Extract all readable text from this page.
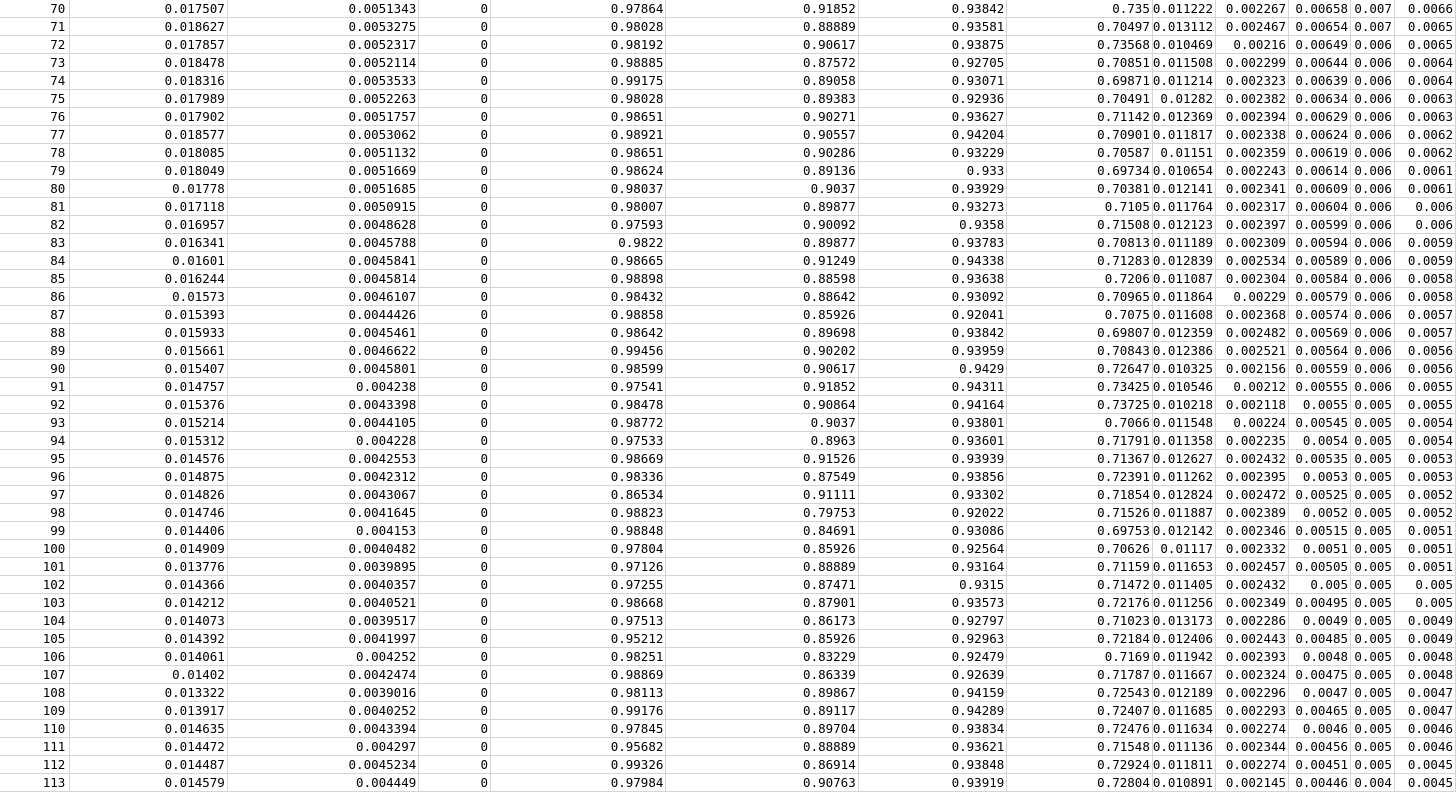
70	0.017507	0.0051343	0	0.97864	0.91852	0.93842	0.735	0.011222	0.002267	0.00658	0.007	0.0066
71	0.018627	0.0053275	0	0.98028	0.88889	0.93581	0.70497	0.013112	0.002467	0.00654	0.007	0.0065
72	0.017857	0.0052317	0	0.98192	0.90617	0.93875	0.73568	0.010469	0.00216	0.00649	0.006	0.0065
73	0.018478	0.0052114	0	0.98885	0.87572	0.92705	0.70851	0.011508	0.002299	0.00644	0.006	0.0064
74	0.018316	0.0053533	0	0.99175	0.89058	0.93071	0.69871	0.011214	0.002323	0.00639	0.006	0.0064
75	0.017989	0.0052263	0	0.98028	0.89383	0.92936	0.70491	0.01282	0.002382	0.00634	0.006	0.0063
76	0.017902	0.0051757	0	0.98651	0.90271	0.93627	0.71142	0.012369	0.002394	0.00629	0.006	0.0063
77	0.018577	0.0053062	0	0.98921	0.90557	0.94204	0.70901	0.011817	0.002338	0.00624	0.006	0.0062
78	0.018085	0.0051132	0	0.98651	0.90286	0.93229	0.70587	0.01151	0.002359	0.00619	0.006	0.0062
79	0.018049	0.0051669	0	0.98624	0.89136	0.933	0.69734	0.010654	0.002243	0.00614	0.006	0.0061
80	0.01778	0.0051685	0	0.98037	0.9037	0.93929	0.70381	0.012141	0.002341	0.00609	0.006	0.0061
81	0.017118	0.0050915	0	0.98007	0.89877	0.93273	0.7105	0.011764	0.002317	0.00604	0.006	0.006
82	0.016957	0.0048628	0	0.97593	0.90092	0.9358	0.71508	0.012123	0.002397	0.00599	0.006	0.006
83	0.016341	0.0045788	0	0.9822	0.89877	0.93783	0.70813	0.011189	0.002309	0.00594	0.006	0.0059
84	0.01601	0.0045841	0	0.98665	0.91249	0.94338	0.71283	0.012839	0.002534	0.00589	0.006	0.0059
85	0.016244	0.0045814	0	0.98898	0.88598	0.93638	0.7206	0.011087	0.002304	0.00584	0.006	0.0058
86	0.01573	0.0046107	0	0.98432	0.88642	0.93092	0.70965	0.011864	0.00229	0.00579	0.006	0.0058
87	0.015393	0.0044426	0	0.98858	0.85926	0.92041	0.7075	0.011608	0.002368	0.00574	0.006	0.0057
88	0.015933	0.0045461	0	0.98642	0.89698	0.93842	0.69807	0.012359	0.002482	0.00569	0.006	0.0057
89	0.015661	0.0046622	0	0.99456	0.90202	0.93959	0.70843	0.012386	0.002521	0.00564	0.006	0.0056
90	0.015407	0.0045801	0	0.98599	0.90617	0.9429	0.72647	0.010325	0.002156	0.00559	0.006	0.0056
91	0.014757	0.004238	0	0.97541	0.91852	0.94311	0.73425	0.010546	0.00212	0.00555	0.006	0.0055
92	0.015376	0.0043398	0	0.98478	0.90864	0.94164	0.73725	0.010218	0.002118	0.0055	0.005	0.0055
93	0.015214	0.0044105	0	0.98772	0.9037	0.93801	0.7066	0.011548	0.00224	0.00545	0.005	0.0054
94	0.015312	0.004228	0	0.97533	0.8963	0.93601	0.71791	0.011358	0.002235	0.0054	0.005	0.0054
95	0.014576	0.0042553	0	0.98669	0.91526	0.93939	0.71367	0.012627	0.002432	0.00535	0.005	0.0053
96	0.014875	0.0042312	0	0.98336	0.87549	0.93856	0.72391	0.011262	0.002395	0.0053	0.005	0.0053
97	0.014826	0.0043067	0	0.86534	0.91111	0.93302	0.71854	0.012824	0.002472	0.00525	0.005	0.0052
98	0.014746	0.0041645	0	0.98823	0.79753	0.92022	0.71526	0.011887	0.002389	0.0052	0.005	0.0052
99	0.014406	0.004153	0	0.98848	0.84691	0.93086	0.69753	0.012142	0.002346	0.00515	0.005	0.0051
100	0.014909	0.0040482	0	0.97804	0.85926	0.92564	0.70626	0.01117	0.002332	0.0051	0.005	0.0051
101	0.013776	0.0039895	0	0.97126	0.88889	0.93164	0.71159	0.011653	0.002457	0.00505	0.005	0.0051
102	0.014366	0.0040357	0	0.97255	0.87471	0.9315	0.71472	0.011405	0.002432	0.005	0.005	0.005
103	0.014212	0.0040521	0	0.98668	0.87901	0.93573	0.72176	0.011256	0.002349	0.00495	0.005	0.005
104	0.014073	0.0039517	0	0.97513	0.86173	0.92797	0.71023	0.013173	0.002286	0.0049	0.005	0.0049
105	0.014392	0.0041997	0	0.95212	0.85926	0.92963	0.72184	0.012406	0.002443	0.00485	0.005	0.0049
106	0.014061	0.004252	0	0.98251	0.83229	0.92479	0.7169	0.011942	0.002393	0.0048	0.005	0.0048
107	0.01402	0.0042474	0	0.98869	0.86339	0.92639	0.71787	0.011667	0.002324	0.00475	0.005	0.0048
108	0.013322	0.0039016	0	0.98113	0.89867	0.94159	0.72543	0.012189	0.002296	0.0047	0.005	0.0047
109	0.013917	0.0040252	0	0.99176	0.89117	0.94289	0.72407	0.011685	0.002293	0.00465	0.005	0.0047
110	0.014635	0.0043394	0	0.97845	0.89704	0.93834	0.72476	0.011634	0.002274	0.0046	0.005	0.0046
111	0.014472	0.004297	0	0.95682	0.88889	0.93621	0.71548	0.011136	0.002344	0.00456	0.005	0.0046
112	0.014487	0.0045234	0	0.99326	0.86914	0.93848	0.72924	0.011811	0.002274	0.00451	0.005	0.0045
113	0.014579	0.004449	0	0.97984	0.90763	0.93919	0.72804	0.010891	0.002145	0.00446	0.004	0.0045
